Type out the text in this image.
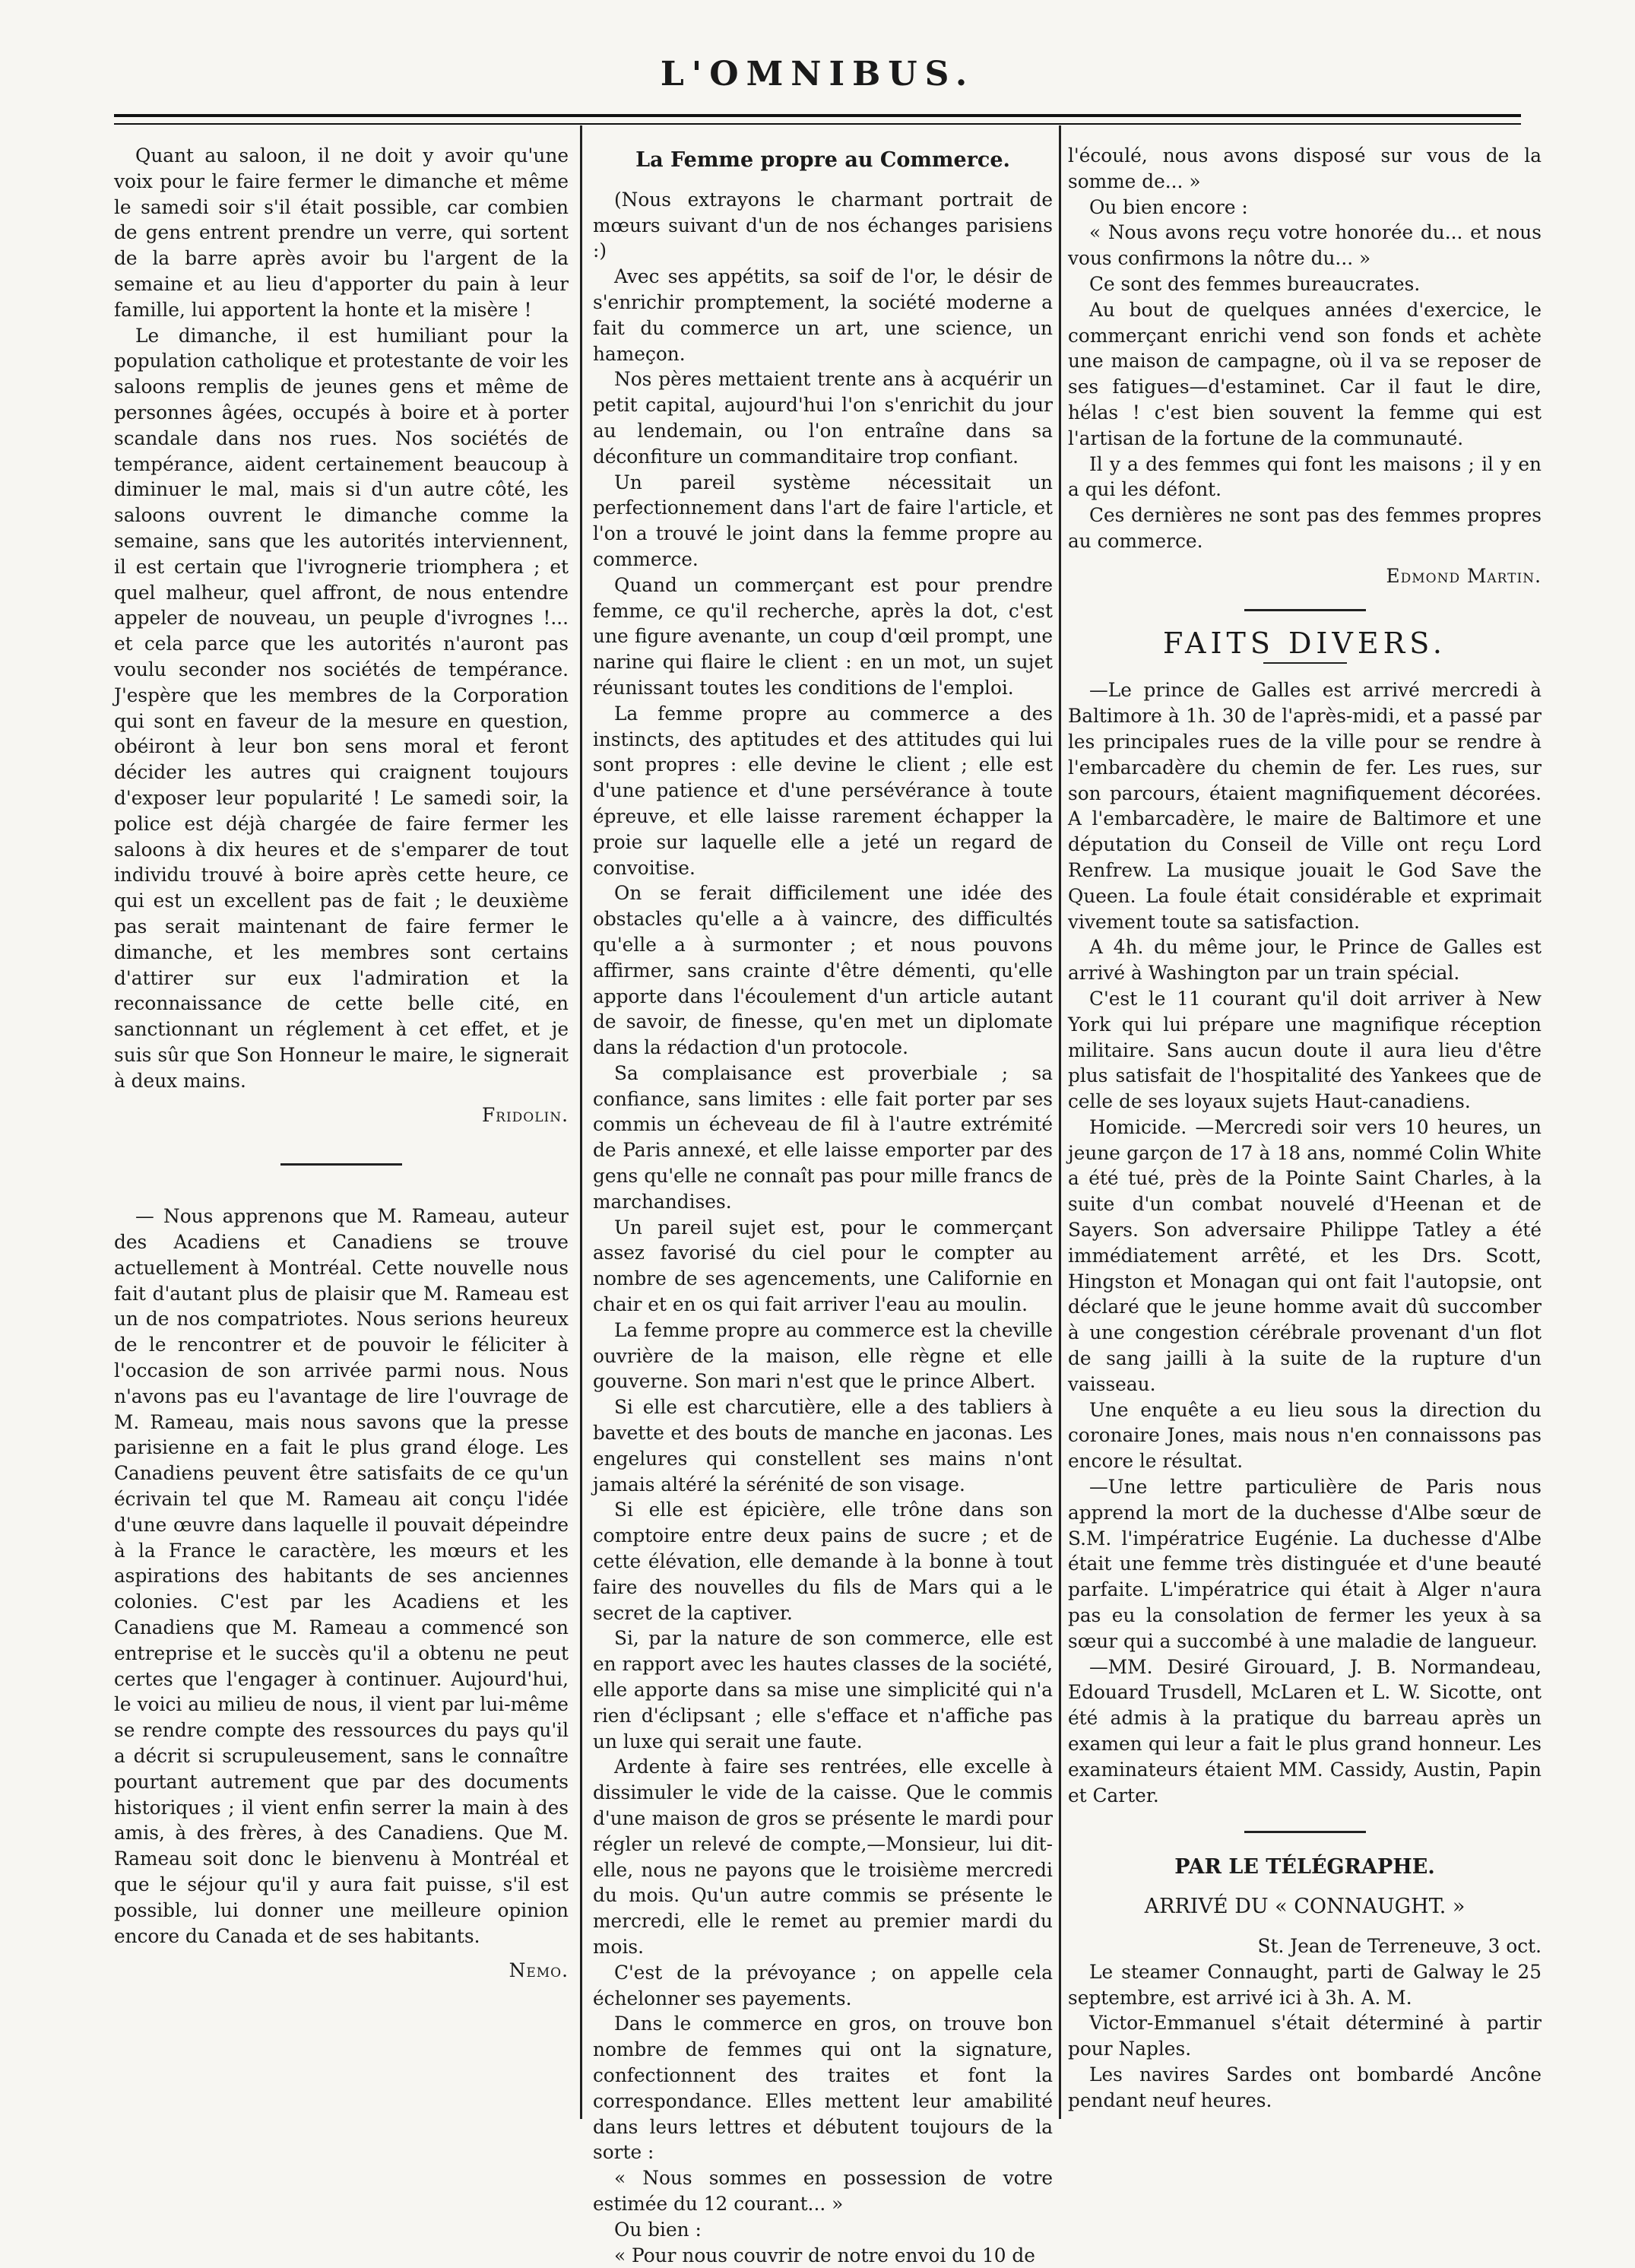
L'OMNIBUS.

Quant au saloon, il ne doit y avoir qu'une voix pour le faire fermer le dimanche et même le samedi soir s'il était possible, car combien de gens entrent prendre un verre, qui sortent de la barre après avoir bu l'argent de la semaine et au lieu d'apporter du pain à leur famille, lui apportent la honte et la misère !

Le dimanche, il est humiliant pour la population catholique et protestante de voir les saloons remplis de jeunes gens et même de personnes âgées, occupés à boire et à porter scandale dans nos rues. Nos sociétés de tempérance, aident certainement beaucoup à diminuer le mal, mais si d'un autre côté, les saloons ouvrent le dimanche comme la semaine, sans que les autorités interviennent, il est certain que l'ivrognerie triomphera ; et quel malheur, quel affront, de nous entendre appeler de nouveau, un peuple d'ivrognes !... et cela parce que les autorités n'auront pas voulu seconder nos sociétés de tempérance. J'espère que les membres de la Corporation qui sont en faveur de la mesure en question, obéiront à leur bon sens moral et feront décider les autres qui craignent toujours d'exposer leur popularité ! Le samedi soir, la police est déjà chargée de faire fermer les saloons à dix heures et de s'emparer de tout individu trouvé à boire après cette heure, ce qui est un excellent pas de fait ; le deuxième pas serait maintenant de faire fermer le dimanche, et les membres sont certains d'attirer sur eux l'admiration et la reconnaissance de cette belle cité, en sanctionnant un réglement à cet effet, et je suis sûr que Son Honneur le maire, le signerait à deux mains.

Fridolin.

— Nous apprenons que M. Rameau, auteur des Acadiens et Canadiens se trouve actuellement à Montréal. Cette nouvelle nous fait d'autant plus de plaisir que M. Rameau est un de nos compatriotes. Nous serions heureux de le rencontrer et de pouvoir le féliciter à l'occasion de son arrivée parmi nous. Nous n'avons pas eu l'avantage de lire l'ouvrage de M. Rameau, mais nous savons que la presse parisienne en a fait le plus grand éloge. Les Canadiens peuvent être satisfaits de ce qu'un écrivain tel que M. Rameau ait conçu l'idée d'une œuvre dans laquelle il pouvait dépeindre à la France le caractère, les mœurs et les aspirations des habitants de ses anciennes colonies. C'est par les Acadiens et les Canadiens que M. Rameau a commencé son entreprise et le succès qu'il a obtenu ne peut certes que l'engager à continuer. Aujourd'hui, le voici au milieu de nous, il vient par lui-même se rendre compte des ressources du pays qu'il a décrit si scrupuleusement, sans le connaître pourtant autrement que par des documents historiques ; il vient enfin serrer la main à des amis, à des frères, à des Canadiens. Que M. Rameau soit donc le bienvenu à Montréal et que le séjour qu'il y aura fait puisse, s'il est possible, lui donner une meilleure opinion encore du Canada et de ses habitants.

Nemo.

La Femme propre au Commerce.

(Nous extrayons le charmant portrait de mœurs suivant d'un de nos échanges parisiens :)

Avec ses appétits, sa soif de l'or, le désir de s'enrichir promptement, la société moderne a fait du commerce un art, une science, un hameçon.

Nos pères mettaient trente ans à acquérir un petit capital, aujourd'hui l'on s'enrichit du jour au lendemain, ou l'on entraîne dans sa déconfiture un commanditaire trop confiant.

Un pareil système nécessitait un perfectionnement dans l'art de faire l'article, et l'on a trouvé le joint dans la femme propre au commerce.

Quand un commerçant est pour prendre femme, ce qu'il recherche, après la dot, c'est une figure avenante, un coup d'œil prompt, une narine qui flaire le client : en un mot, un sujet réunissant toutes les conditions de l'emploi.

La femme propre au commerce a des instincts, des aptitudes et des attitudes qui lui sont propres : elle devine le client ; elle est d'une patience et d'une persévérance à toute épreuve, et elle laisse rarement échapper la proie sur laquelle elle a jeté un regard de convoitise.

On se ferait difficilement une idée des obstacles qu'elle a à vaincre, des difficultés qu'elle a à surmonter ; et nous pouvons affirmer, sans crainte d'être démenti, qu'elle apporte dans l'écoulement d'un article autant de savoir, de finesse, qu'en met un diplomate dans la rédaction d'un protocole.

Sa complaisance est proverbiale ; sa confiance, sans limites : elle fait porter par ses commis un écheveau de fil à l'autre extrémité de Paris annexé, et elle laisse emporter par des gens qu'elle ne connaît pas pour mille francs de marchandises.

Un pareil sujet est, pour le commerçant assez favorisé du ciel pour le compter au nombre de ses agencements, une Californie en chair et en os qui fait arriver l'eau au moulin.

La femme propre au commerce est la cheville ouvrière de la maison, elle règne et elle gouverne. Son mari n'est que le prince Albert.

Si elle est charcutière, elle a des tabliers à bavette et des bouts de manche en jaconas. Les engelures qui constellent ses mains n'ont jamais altéré la sérénité de son visage.

Si elle est épicière, elle trône dans son comptoire entre deux pains de sucre ; et de cette élévation, elle demande à la bonne à tout faire des nouvelles du fils de Mars qui a le secret de la captiver.

Si, par la nature de son commerce, elle est en rapport avec les hautes classes de la société, elle apporte dans sa mise une simplicité qui n'a rien d'éclipsant ; elle s'efface et n'affiche pas un luxe qui serait une faute.

Ardente à faire ses rentrées, elle excelle à dissimuler le vide de la caisse. Que le commis d'une maison de gros se présente le mardi pour régler un relevé de compte,—Monsieur, lui dit-elle, nous ne payons que le troisième mercredi du mois. Qu'un autre commis se présente le mercredi, elle le remet au premier mardi du mois.

C'est de la prévoyance ; on appelle cela échelonner ses payements.

Dans le commerce en gros, on trouve bon nombre de femmes qui ont la signature, confectionnent des traites et font la correspondance. Elles mettent leur amabilité dans leurs lettres et débutent toujours de la sorte :

« Nous sommes en possession de votre estimée du 12 courant... »

Ou bien :

« Pour nous couvrir de notre envoi du 10 de

l'écoulé, nous avons disposé sur vous de la somme de... »

Ou bien encore :

« Nous avons reçu votre honorée du... et nous vous confirmons la nôtre du... »

Ce sont des femmes bureaucrates.

Au bout de quelques années d'exercice, le commerçant enrichi vend son fonds et achète une maison de campagne, où il va se reposer de ses fatigues—d'estaminet. Car il faut le dire, hélas ! c'est bien souvent la femme qui est l'artisan de la fortune de la communauté.

Il y a des femmes qui font les maisons ; il y en a qui les défont.

Ces dernières ne sont pas des femmes propres au commerce.

Edmond Martin.

FAITS DIVERS.

—Le prince de Galles est arrivé mercredi à Baltimore à 1h. 30 de l'après-midi, et a passé par les principales rues de la ville pour se rendre à l'embarcadère du chemin de fer. Les rues, sur son parcours, étaient magnifiquement décorées. A l'embarcadère, le maire de Baltimore et une députation du Conseil de Ville ont reçu Lord Renfrew. La musique jouait le God Save the Queen. La foule était considérable et exprimait vivement toute sa satisfaction.

A 4h. du même jour, le Prince de Galles est arrivé à Washington par un train spécial.

C'est le 11 courant qu'il doit arriver à New York qui lui prépare une magnifique réception militaire. Sans aucun doute il aura lieu d'être plus satisfait de l'hospitalité des Yankees que de celle de ses loyaux sujets Haut-canadiens.

Homicide. —Mercredi soir vers 10 heures, un jeune garçon de 17 à 18 ans, nommé Colin White a été tué, près de la Pointe Saint Charles, à la suite d'un combat nouvelé d'Heenan et de Sayers. Son adversaire Philippe Tatley a été immédiatement arrêté, et les Drs. Scott, Hingston et Monagan qui ont fait l'autopsie, ont déclaré que le jeune homme avait dû succomber à une congestion cérébrale provenant d'un flot de sang jailli à la suite de la rupture d'un vaisseau.

Une enquête a eu lieu sous la direction du coronaire Jones, mais nous n'en connaissons pas encore le résultat.

—Une lettre particulière de Paris nous apprend la mort de la duchesse d'Albe sœur de S.M. l'impératrice Eugénie. La duchesse d'Albe était une femme très distinguée et d'une beauté parfaite. L'impératrice qui était à Alger n'aura pas eu la consolation de fermer les yeux à sa sœur qui a succombé à une maladie de langueur.

—MM. Desiré Girouard, J. B. Normandeau, Edouard Trusdell, McLaren et L. W. Sicotte, ont été admis à la pratique du barreau après un examen qui leur a fait le plus grand honneur. Les examinateurs étaient MM. Cassidy, Austin, Papin et Carter.

PAR LE TÉLÉGRAPHE.

ARRIVÉ DU « CONNAUGHT. »

St. Jean de Terreneuve, 3 oct.

Le steamer Connaught, parti de Galway le 25 septembre, est arrivé ici à 3h. A. M.

Victor-Emmanuel s'était déterminé à partir pour Naples.

Les navires Sardes ont bombardé Ancône pendant neuf heures.
